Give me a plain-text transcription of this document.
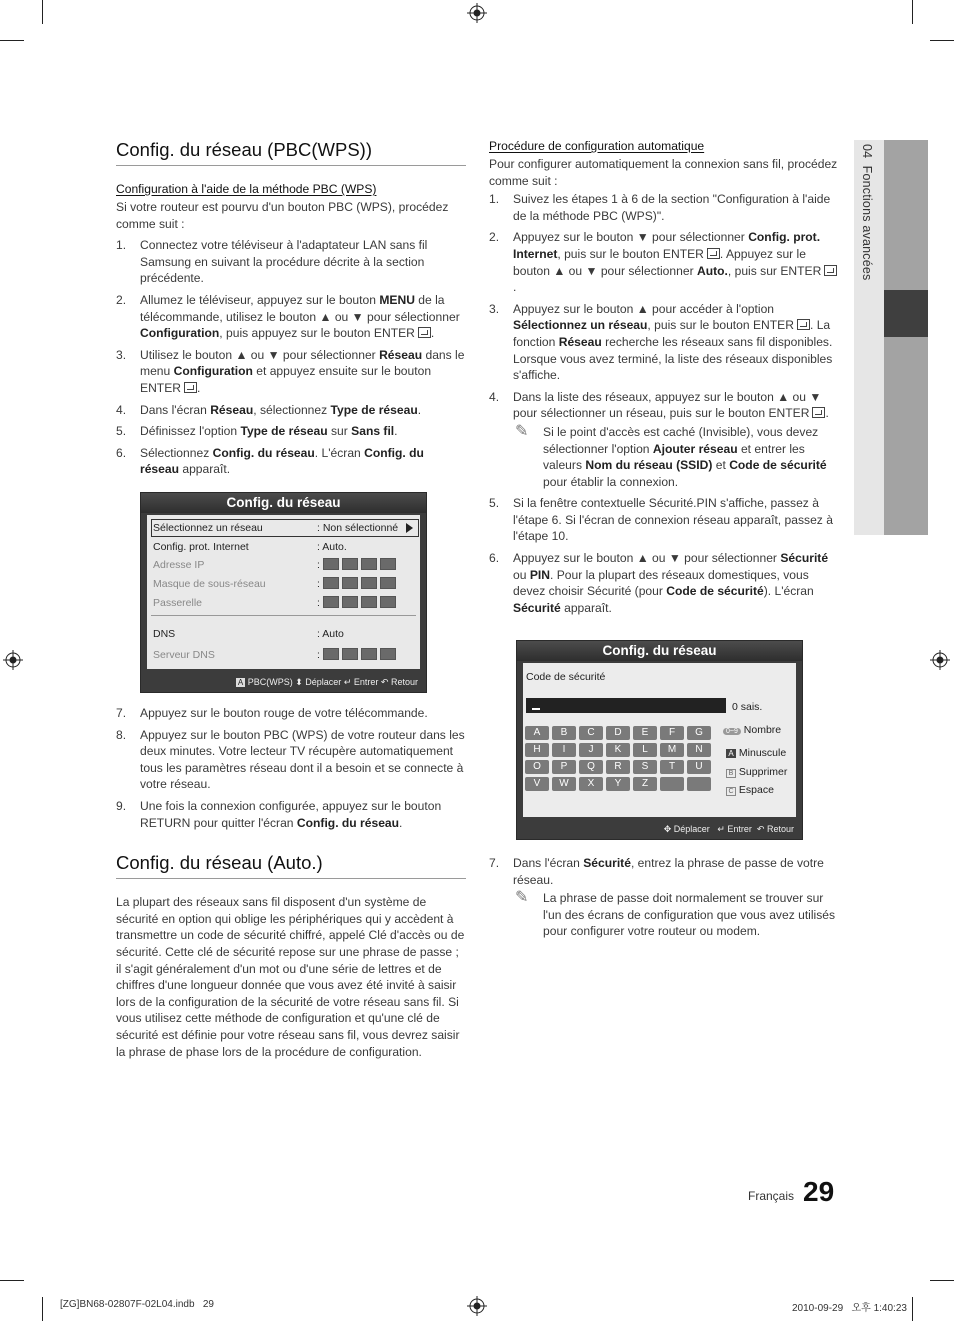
04  Fonctions avancées
Config. du réseau (PBC(WPS))
Configuration à l'aide de la méthode PBC (WPS)

Si votre routeur est pourvu d'un bouton PBC (WPS), procédez comme suit :

1. Connectez votre téléviseur à l'adaptateur LAN sans fil Samsung en suivant la procédure décrite à la section précédente.
2. Allumez le téléviseur, appuyez sur le bouton MENU de la télécommande, utilisez le bouton ▲ ou ▼ pour sélectionner Configuration, puis appuyez sur le bouton ENTER .
3. Utilisez le bouton ▲ ou ▼ pour sélectionner Réseau dans le menu Configuration et appuyez ensuite sur le bouton ENTER .
4. Dans l'écran Réseau, sélectionnez Type de réseau.
5. Définissez l'option Type de réseau sur Sans fil.
6. Sélectionnez Config. du réseau. L'écran Config. du réseau apparaît.
Config. du réseau
Sélectionnez un réseau	: Non sélectionné
Config. prot. Internet	: Auto.
Adresse IP	:
Masque de sous-réseau	:
Passerelle	:
DNS	: Auto
Serveur DNS	:
A PBC(WPS) ⬍ Déplacer ↵ Entrer ↶ Retour
7. Appuyez sur le bouton rouge de votre télécommande.
8. Appuyez sur le bouton PBC (WPS) de votre routeur dans les deux minutes. Votre lecteur TV récupère automatiquement tous les paramètres réseau dont il a besoin et se connecte à votre réseau.
9. Une fois la connexion configurée, appuyez sur le bouton RETURN pour quitter l'écran Config. du réseau.
Config. du réseau (Auto.)

La plupart des réseaux sans fil disposent d'un système de sécurité en option qui oblige les périphériques qui y accèdent à transmettre un code de sécurité chiffré, appelé Clé d'accès ou de sécurité. Cette clé de sécurité repose sur une phrase de passe ; il s'agit généralement d'un mot ou d'une série de lettres et de chiffres d'une longueur donnée que vous avez été invité à saisir lors de la configuration de la sécurité de votre réseau sans fil. Si vous utilisez cette méthode de configuration et qu'une clé de sécurité est définie pour votre réseau sans fil, vous devrez saisir la phrase de phase lors de la procédure de configuration.

Procédure de configuration automatique

Pour configurer automatiquement la connexion sans fil, procédez comme suit :

1. Suivez les étapes 1 à 6 de la section "Configuration à l'aide de la méthode PBC (WPS)".
2. Appuyez sur le bouton ▼ pour sélectionner Config. prot. Internet, puis sur le bouton ENTER . Appuyez sur le bouton ▲ ou ▼ pour sélectionner Auto., puis sur ENTER.
3. Appuyez sur le bouton ▲ pour accéder à l'option Sélectionnez un réseau, puis sur le bouton ENTER . La fonction Réseau recherche les réseaux sans fil disponibles. Lorsque vous avez terminé, la liste des réseaux disponibles s'affiche.
4. Dans la liste des réseaux, appuyez sur le bouton ▲ ou ▼ pour sélectionner un réseau, puis sur le bouton ENTER .
✎ Si le point d'accès est caché (Invisible), vous devez sélectionner l'option Ajouter réseau et entrer les valeurs Nom du réseau (SSID) et Code de sécurité pour établir la connexion.
5. Si la fenêtre contextuelle Sécurité.PIN s'affiche, passez à l'étape 6. Si l'écran de connexion réseau apparaît, passez à l'étape 10.
6. Appuyez sur le bouton ▲ ou ▼ pour sélectionner Sécurité ou PIN. Pour la plupart des réseaux domestiques, vous devez choisir Sécurité (pour Code de sécurité). L'écran Sécurité apparaît.
Config. du réseau
Code de sécurité
0 sais.
A	B	C	D	E	F	G
H	I	J	K	L	M	N
O	P	Q	R	S	T	U
V	W	X	Y	Z
0~9 Nombre
A Minuscule
B Supprimer
C Espace
✥ Déplacer ↵ Entrer ↶ Retour
7. Dans l'écran Sécurité, entrez la phrase de passe de votre réseau.
✎ La phrase de passe doit normalement se trouver sur l'un des écrans de configuration que vous avez utilisés pour configurer votre routeur ou modem.
Français 29
[ZG]BN68-02807F-02L04.indb   29	2010-09-29   오후 1:40:23
